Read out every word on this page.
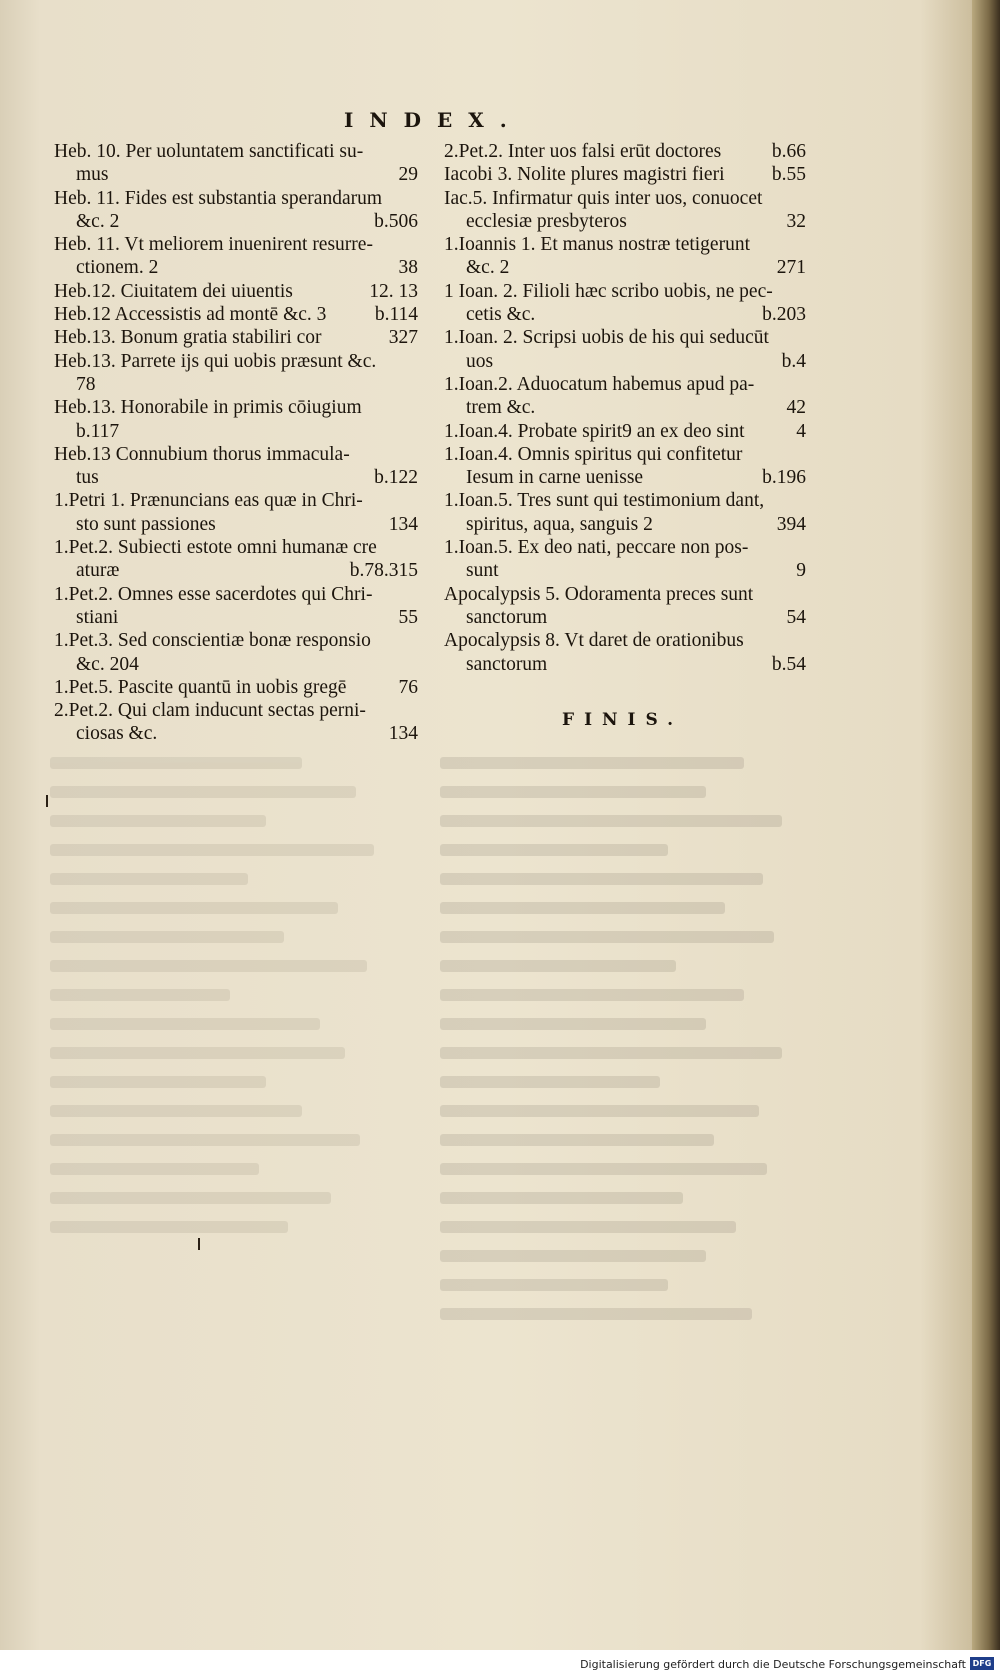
INDEX.
Heb. 10. Per uoluntatem sanctificati su-
mus	29
Heb. 11. Fides est substantia sperandarum
&c. 2	b.506
Heb. 11. Vt meliorem inuenirent resurre-
ctionem. 2	38
Heb.12. Ciuitatem dei uiuentis	12. 13
Heb.12 Accessistis ad montē &c. 3 b.114
Heb.13. Bonum gratia stabiliri cor	327
Heb.13. Parrete ijs qui uobis præsunt &c.
78
Heb.13. Honorabile in primis cōiugium
b.117
Heb.13 Connubium thorus immacula-
tus	b.122
1.Petri 1. Prænuncians eas quæ in Chri-
sto sunt passiones	134
1.Pet.2. Subiecti estote omni humanæ cre
aturæ	b.78.315
1.Pet.2. Omnes esse sacerdotes qui Chri-
stiani	55
1.Pet.3. Sed conscientiæ bonæ responsio
&c. 204
1.Pet.5. Pascite quantū in uobis gregē	76
2.Pet.2. Qui clam inducunt sectas perni-
ciosas &c.	134
2.Pet.2. Inter uos falsi erūt doctores	b.66
Iacobi 3. Nolite plures magistri fieri b.55
Iac.5. Infirmatur quis inter uos, conuocet
ecclesiæ presbyteros	32
1.Ioannis 1. Et manus nostræ tetigerunt
&c. 2	271
1 Ioan. 2. Filioli hæc scribo uobis, ne pec-
cetis &c.	b.203
1.Ioan. 2. Scripsi uobis de his qui seducūt
uos	b.4
1.Ioan.2. Aduocatum habemus apud pa-
trem &c.	42
1.Ioan.4. Probate spirit9 an ex deo sint	4
1.Ioan.4. Omnis spiritus qui confitetur
Iesum in carne uenisse	b.196
1.Ioan.5. Tres sunt qui testimonium dant,
spiritus, aqua, sanguis 2	394
1.Ioan.5. Ex deo nati, peccare non pos-
sunt	9
Apocalypsis 5. Odoramenta preces sunt
sanctorum	54
Apocalypsis 8. Vt daret de orationibus
sanctorum	b.54
FINIS.
Digitalisierung gefördert durch die Deutsche Forschungsgemeinschaft DFG
